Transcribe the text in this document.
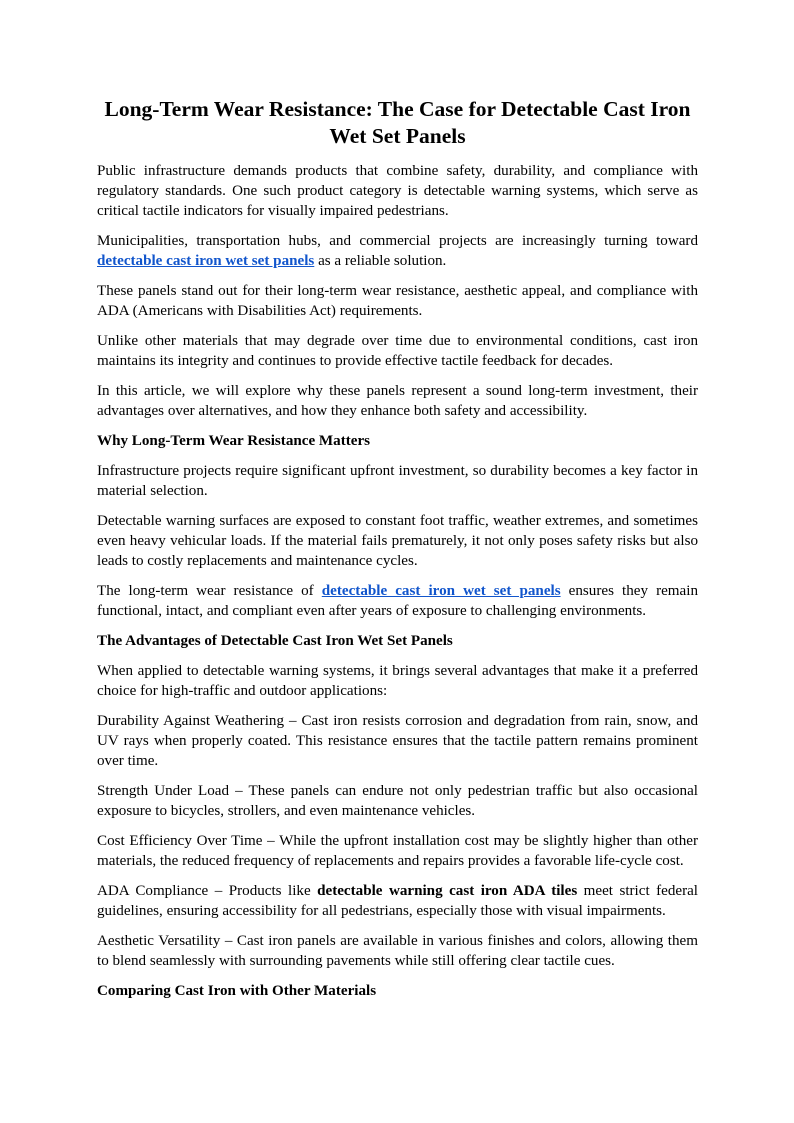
Long-Term Wear Resistance: The Case for Detectable Cast Iron Wet Set Panels

Public infrastructure demands products that combine safety, durability, and compliance with regulatory standards. One such product category is detectable warning systems, which serve as critical tactile indicators for visually impaired pedestrians.

Municipalities, transportation hubs, and commercial projects are increasingly turning toward detectable cast iron wet set panels as a reliable solution.

These panels stand out for their long-term wear resistance, aesthetic appeal, and compliance with ADA (Americans with Disabilities Act) requirements.

Unlike other materials that may degrade over time due to environmental conditions, cast iron maintains its integrity and continues to provide effective tactile feedback for decades.

In this article, we will explore why these panels represent a sound long-term investment, their advantages over alternatives, and how they enhance both safety and accessibility.

Why Long-Term Wear Resistance Matters

Infrastructure projects require significant upfront investment, so durability becomes a key factor in material selection.

Detectable warning surfaces are exposed to constant foot traffic, weather extremes, and sometimes even heavy vehicular loads. If the material fails prematurely, it not only poses safety risks but also leads to costly replacements and maintenance cycles.

The long-term wear resistance of detectable cast iron wet set panels ensures they remain functional, intact, and compliant even after years of exposure to challenging environments.

The Advantages of Detectable Cast Iron Wet Set Panels

When applied to detectable warning systems, it brings several advantages that make it a preferred choice for high-traffic and outdoor applications:

Durability Against Weathering – Cast iron resists corrosion and degradation from rain, snow, and UV rays when properly coated. This resistance ensures that the tactile pattern remains prominent over time.

Strength Under Load – These panels can endure not only pedestrian traffic but also occasional exposure to bicycles, strollers, and even maintenance vehicles.

Cost Efficiency Over Time – While the upfront installation cost may be slightly higher than other materials, the reduced frequency of replacements and repairs provides a favorable life-cycle cost.

ADA Compliance – Products like detectable warning cast iron ADA tiles meet strict federal guidelines, ensuring accessibility for all pedestrians, especially those with visual impairments.

Aesthetic Versatility – Cast iron panels are available in various finishes and colors, allowing them to blend seamlessly with surrounding pavements while still offering clear tactile cues.

Comparing Cast Iron with Other Materials
